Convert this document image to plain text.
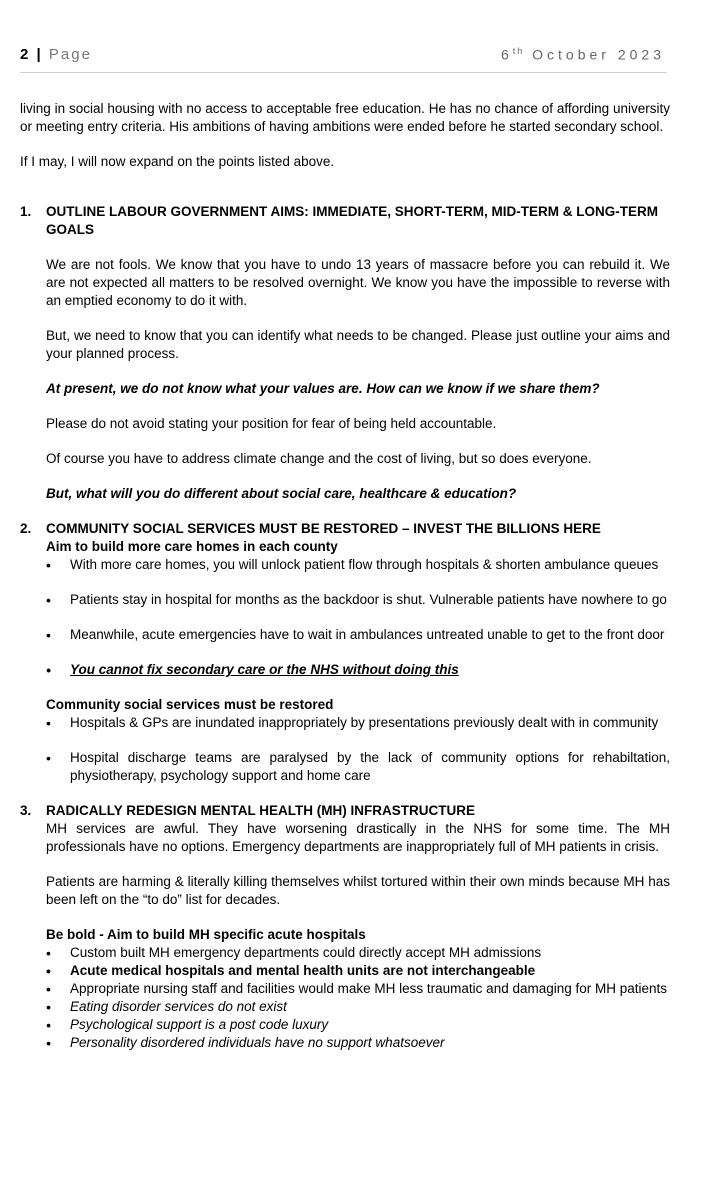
2 | Page	6th October 2023

living in social housing with no access to acceptable free education. He has no chance of affording university or meeting entry criteria. His ambitions of having ambitions were ended before he started secondary school.

If I may, I will now expand on the points listed above.

1.	OUTLINE LABOUR GOVERNMENT AIMS: IMMEDIATE, SHORT-TERM, MID-TERM & LONG-TERM GOALS

We are not fools. We know that you have to undo 13 years of massacre before you can rebuild it. We are not expected all matters to be resolved overnight. We know you have the impossible to reverse with an emptied economy to do it with.

But, we need to know that you can identify what needs to be changed. Please just outline your aims and your planned process.

At present, we do not know what your values are. How can we know if we share them?

Please do not avoid stating your position for fear of being held accountable.

Of course you have to address climate change and the cost of living, but so does everyone.

But, what will you do different about social care, healthcare & education?

2.	COMMUNITY SOCIAL SERVICES MUST BE RESTORED – INVEST THE BILLIONS HERE

Aim to build more care homes in each county

• With more care homes, you will unlock patient flow through hospitals & shorten ambulance queues
• Patients stay in hospital for months as the backdoor is shut. Vulnerable patients have nowhere to go
• Meanwhile, acute emergencies have to wait in ambulances untreated unable to get to the front door
• You cannot fix secondary care or the NHS without doing this

Community social services must be restored

• Hospitals & GPs are inundated inappropriately by presentations previously dealt with in community
• Hospital discharge teams are paralysed by the lack of community options for rehabiltation, physiotherapy, psychology support and home care
3.	RADICALLY REDESIGN MENTAL HEALTH (MH) INFRASTRUCTURE

MH services are awful. They have worsening drastically in the NHS for some time. The MH professionals have no options. Emergency departments are inappropriately full of MH patients in crisis.

Patients are harming & literally killing themselves whilst tortured within their own minds because MH has been left on the “to do” list for decades.

Be bold - Aim to build MH specific acute hospitals

• Custom built MH emergency departments could directly accept MH admissions
• Acute medical hospitals and mental health units are not interchangeable
• Appropriate nursing staff and facilities would make MH less traumatic and damaging for MH patients
• Eating disorder services do not exist
• Psychological support is a post code luxury
• Personality disordered individuals have no support whatsoever
